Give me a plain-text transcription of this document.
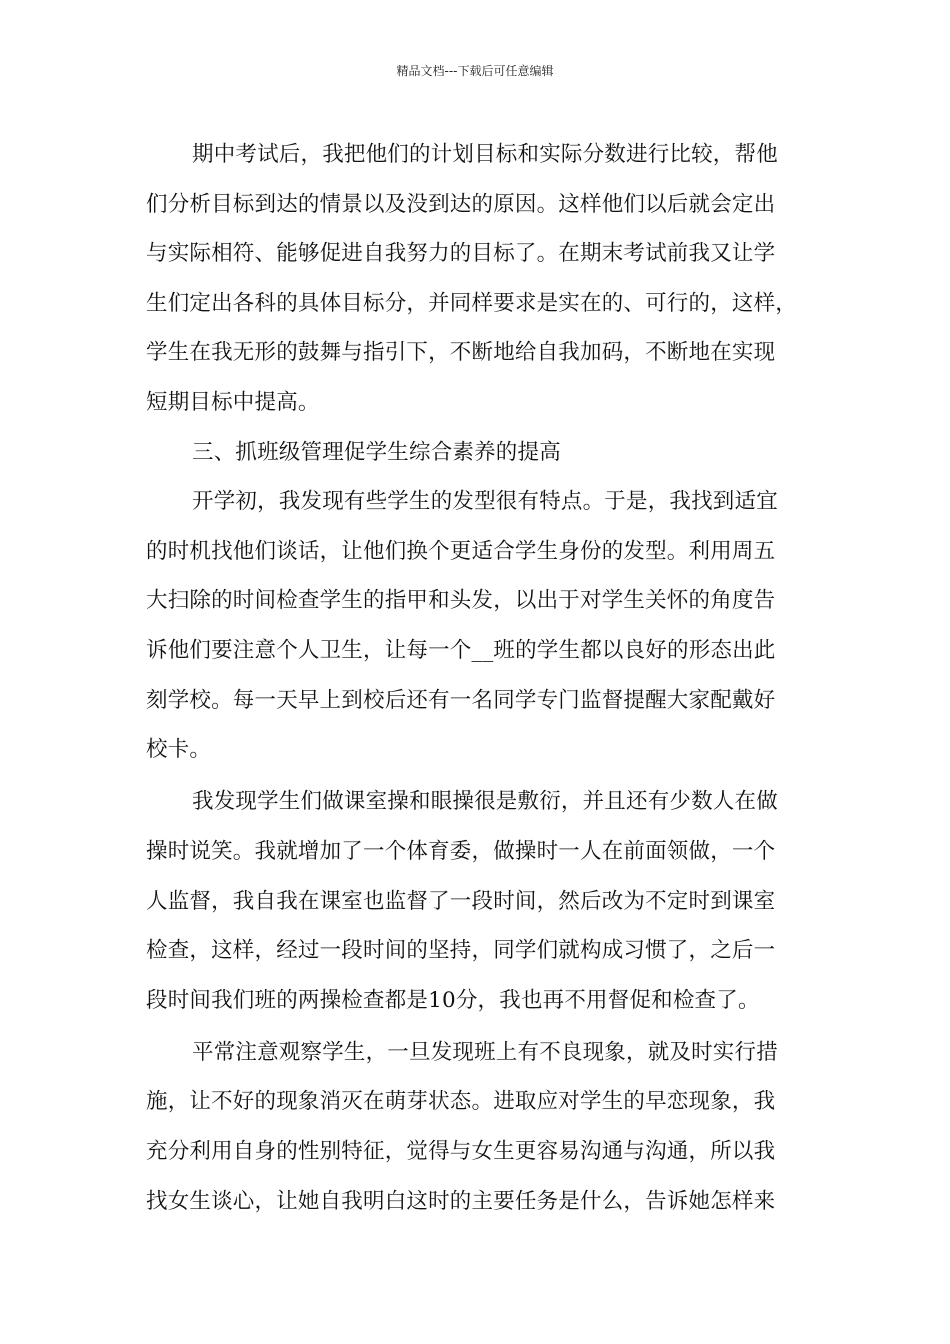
精品文档---下载后可任意编辑
期中考试后，我把他们的计划目标和实际分数进行比较，帮他
们分析目标到达的情景以及没到达的原因。这样他们以后就会定出
与实际相符、能够促进自我努力的目标了。在期末考试前我又让学
生们定出各科的具体目标分，并同样要求是实在的、可行的，这样，
学生在我无形的鼓舞与指引下，不断地给自我加码，不断地在实现
短期目标中提高。
三、抓班级管理促学生综合素养的提高
开学初，我发现有些学生的发型很有特点。于是，我找到适宜
的时机找他们谈话，让他们换个更适合学生身份的发型。利用周五
大扫除的时间检查学生的指甲和头发，以出于对学生关怀的角度告
诉他们要注意个人卫生，让每一个__班的学生都以良好的形态出此
刻学校。每一天早上到校后还有一名同学专门监督提醒大家配戴好
校卡。
我发现学生们做课室操和眼操很是敷衍，并且还有少数人在做
操时说笑。我就增加了一个体育委，做操时一人在前面领做，一个
人监督，我自我在课室也监督了一段时间，然后改为不定时到课室
检查，这样，经过一段时间的坚持，同学们就构成习惯了，之后一
段时间我们班的两操检查都是10分，我也再不用督促和检查了。
平常注意观察学生，一旦发现班上有不良现象，就及时实行措
施，让不好的现象消灭在萌芽状态。进取应对学生的早恋现象，我
充分利用自身的性别特征，觉得与女生更容易沟通与沟通，所以我
找女生谈心，让她自我明白这时的主要任务是什么，告诉她怎样来
